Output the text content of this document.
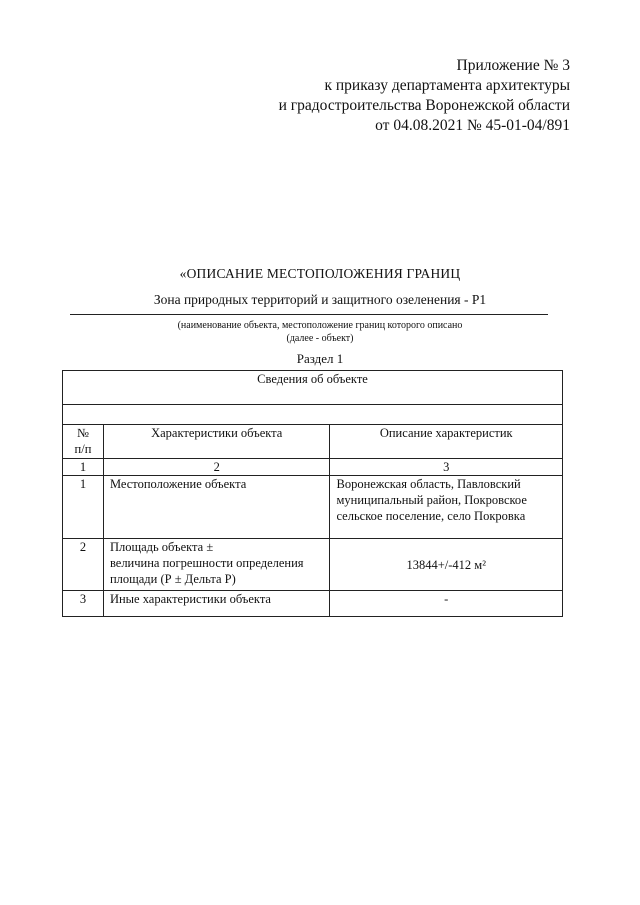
Приложение № 3
к приказу департамента архитектуры
и градостроительства Воронежской области
от 04.08.2021 № 45-01-04/891
«ОПИСАНИЕ МЕСТОПОЛОЖЕНИЯ ГРАНИЦ
Зона природных территорий и защитного озеленения - Р1
(наименование объекта, местоположение границ которого описано
(далее - объект)
Раздел 1
Сведения об объекте		

№
п/п	Характеристики объекта	Описание характеристик
1	2	3
1	Местоположение объекта	Воронежская область, Павловский муниципальный район, Покровское сельское поселение, село Покровка
2	Площадь объекта ±
величина погрешности определения площади (Р ± Дельта Р)	13844+/-412 м²
3	Иные характеристики объекта	-
